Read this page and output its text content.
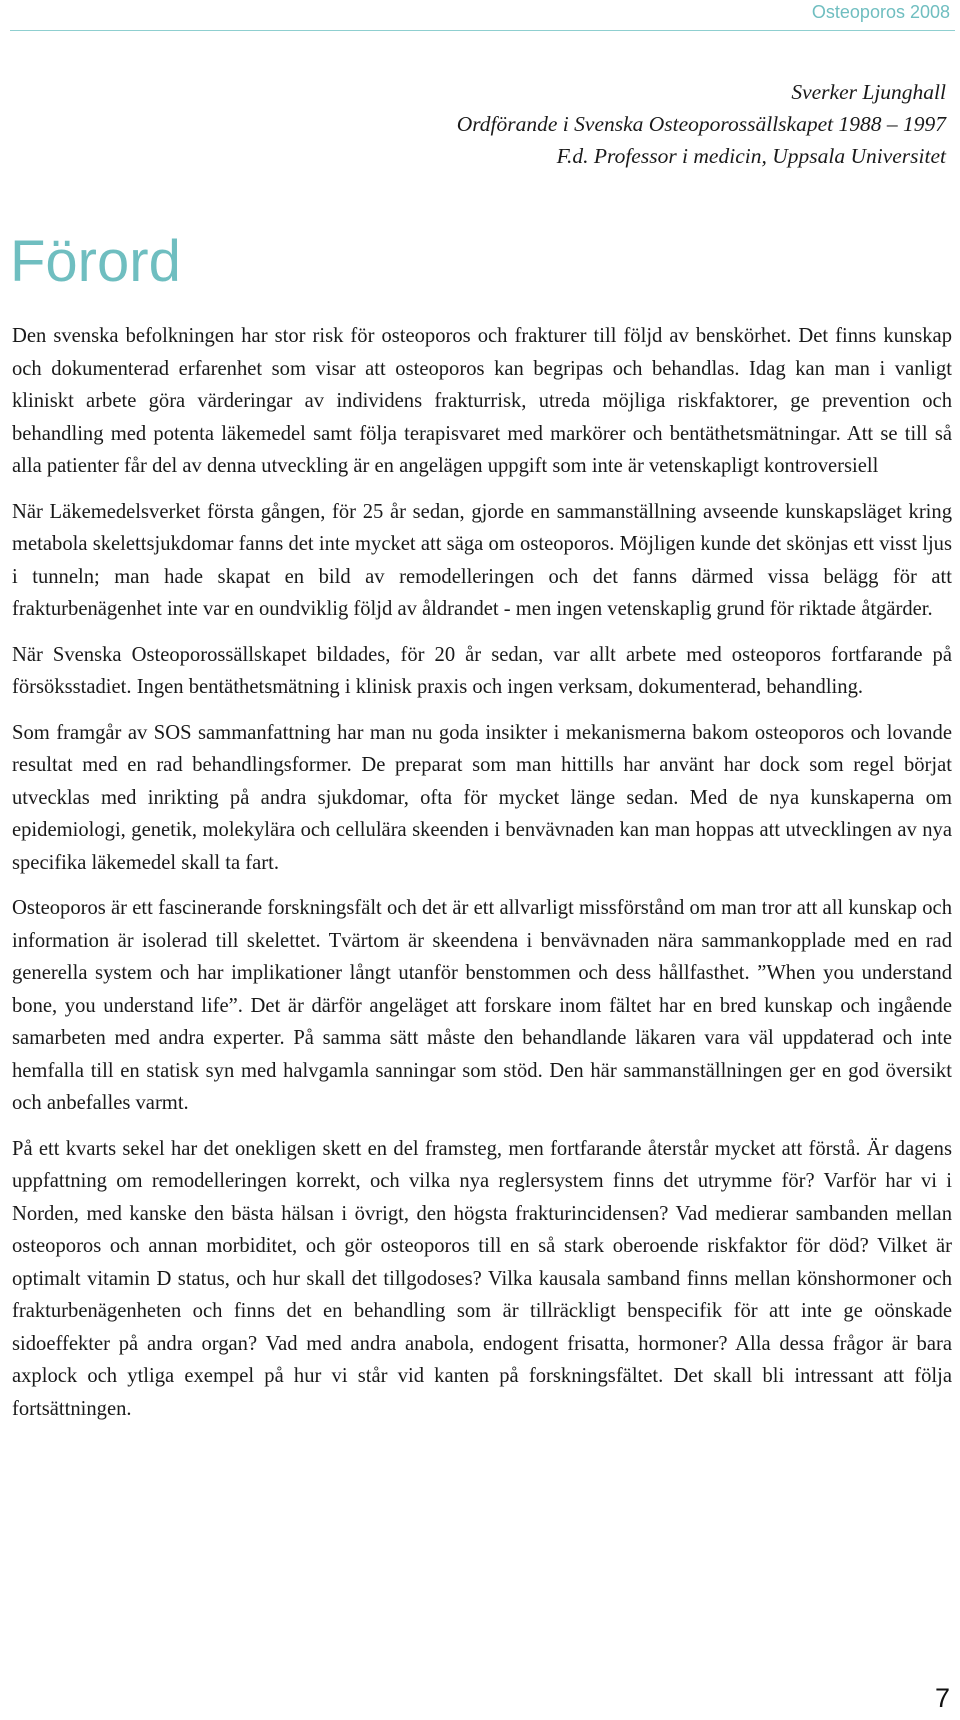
Osteoporos 2008
Sverker Ljunghall
Ordförande i Svenska Osteoporossällskapet 1988 – 1997
F.d. Professor i medicin, Uppsala Universitet
Förord

Den svenska befolkningen har stor risk för osteoporos och frakturer till följd av benskörhet. Det finns kunskap och dokumenterad erfarenhet som visar att osteoporos kan begripas och behandlas. Idag kan man i vanligt kliniskt arbete göra värderingar av individens frakturrisk, utreda möjliga riskfaktorer, ge prevention och behandling med potenta läkemedel samt följa terapisvaret med markörer och bentäthetsmätningar. Att se till så alla patienter får del av denna utveckling är en angelägen uppgift som inte är vetenskapligt kontroversiell

När Läkemedelsverket första gången, för 25 år sedan, gjorde en sammanställning avseende kunskapsläget kring metabola skelettsjukdomar fanns det inte mycket att säga om osteoporos. Möjligen kunde det skönjas ett visst ljus i tunneln; man hade skapat en bild av remodelleringen och det fanns därmed vissa belägg för att frakturbenägenhet inte var en oundviklig följd av åldrandet - men ingen vetenskaplig grund för riktade åtgärder.

När Svenska Osteoporossällskapet bildades, för 20 år sedan, var allt arbete med osteoporos fortfarande på försöksstadiet. Ingen bentäthetsmätning i klinisk praxis och ingen verksam, dokumenterad, behandling.

Som framgår av SOS sammanfattning har man nu goda insikter i mekanismerna bakom osteoporos och lovande resultat med en rad behandlingsformer. De preparat som man hittills har använt har dock som regel börjat utvecklas med inrikting på andra sjukdomar, ofta för mycket länge sedan. Med de nya kunskaperna om epidemiologi, genetik, molekylära och cellulära skeenden i benvävnaden kan man hoppas att utvecklingen av nya specifika läkemedel skall ta fart.

Osteoporos är ett fascinerande forskningsfält och det är ett allvarligt missförstånd om man tror att all kunskap och information är isolerad till skelettet. Tvärtom är skeendena i benvävnaden nära sammankopplade med en rad generella system och har implikationer långt utanför benstommen och dess hållfasthet. ”When you understand bone, you understand life”. Det är därför angeläget att forskare inom fältet har en bred kunskap och ingående samarbeten med andra experter. På samma sätt måste den behandlande läkaren vara väl uppdaterad och inte hemfalla till en statisk syn med halvgamla sanningar som stöd. Den här sammanställningen ger en god översikt och anbefalles varmt.

På ett kvarts sekel har det onekligen skett en del framsteg, men fortfarande återstår mycket att förstå. Är dagens uppfattning om remodelleringen korrekt, och vilka nya reglersystem finns det utrymme för? Varför har vi i Norden, med kanske den bästa hälsan i övrigt, den högsta frakturincidensen? Vad medierar sambanden mellan osteoporos och annan morbiditet, och gör osteoporos till en så stark oberoende riskfaktor för död? Vilket är optimalt vitamin D status, och hur skall det tillgodoses? Vilka kausala samband finns mellan könshormoner och frakturbenägenheten och finns det en behandling som är tillräckligt benspecifik för att inte ge oönskade sidoeffekter på andra organ? Vad med andra anabola, endogent frisatta, hormoner? Alla dessa frågor är bara axplock och ytliga exempel på hur vi står vid kanten på forskningsfältet. Det skall bli intressant att följa fortsättningen.

7
